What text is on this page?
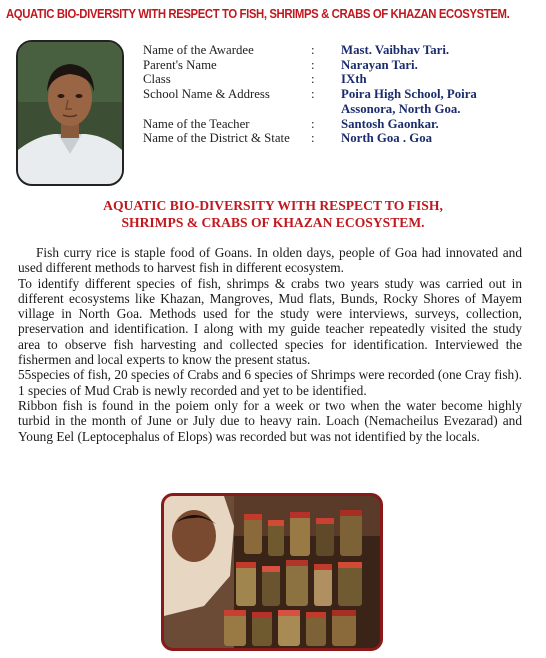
AQUATIC BIO-DIVERSITY WITH RESPECT TO FISH, SHRIMPS & CRABS OF KHAZAN ECOSYSTEM.
Name of the Awardee	:	Mast. Vaibhav Tari.
Parent's Name	:	Narayan Tari.
Class	:	IXth
School Name & Address	:	Poira High School, Poira Assonora, North Goa.
Name of the Teacher	:	Santosh Gaonkar.
Name of the District & State	:	North Goa . Goa
AQUATIC BIO-DIVERSITY WITH RESPECT TO FISH,
SHRIMPS & CRABS OF KHAZAN ECOSYSTEM.

Fish curry rice is staple food of Goans. In olden days, people of Goa had innovated and used different methods to harvest fish in different ecosystem.

To identify different species of fish, shrimps & crabs two years study was carried out in different ecosystems like Khazan, Mangroves, Mud flats, Bunds, Rocky Shores of Mayem village in North Goa. Methods used for the study were interviews, surveys, collection, preservation and identification. I along with my guide teacher repeatedly visited the study area to observe fish harvesting and collected species for identification. Interviewed the fishermen and local experts to know the present status.

55species of fish, 20 species of Crabs and 6 species of Shrimps were recorded (one Cray fish). 1 species of Mud Crab is newly recorded and yet to be identified.

Ribbon fish is found in the poiem only for a week or two when the water become highly turbid in the month of June or July due to heavy rain. Loach (Nemacheilus Evezarad) and Young Eel (Leptocephalus of Elops) was recorded but was not identified by the locals.
